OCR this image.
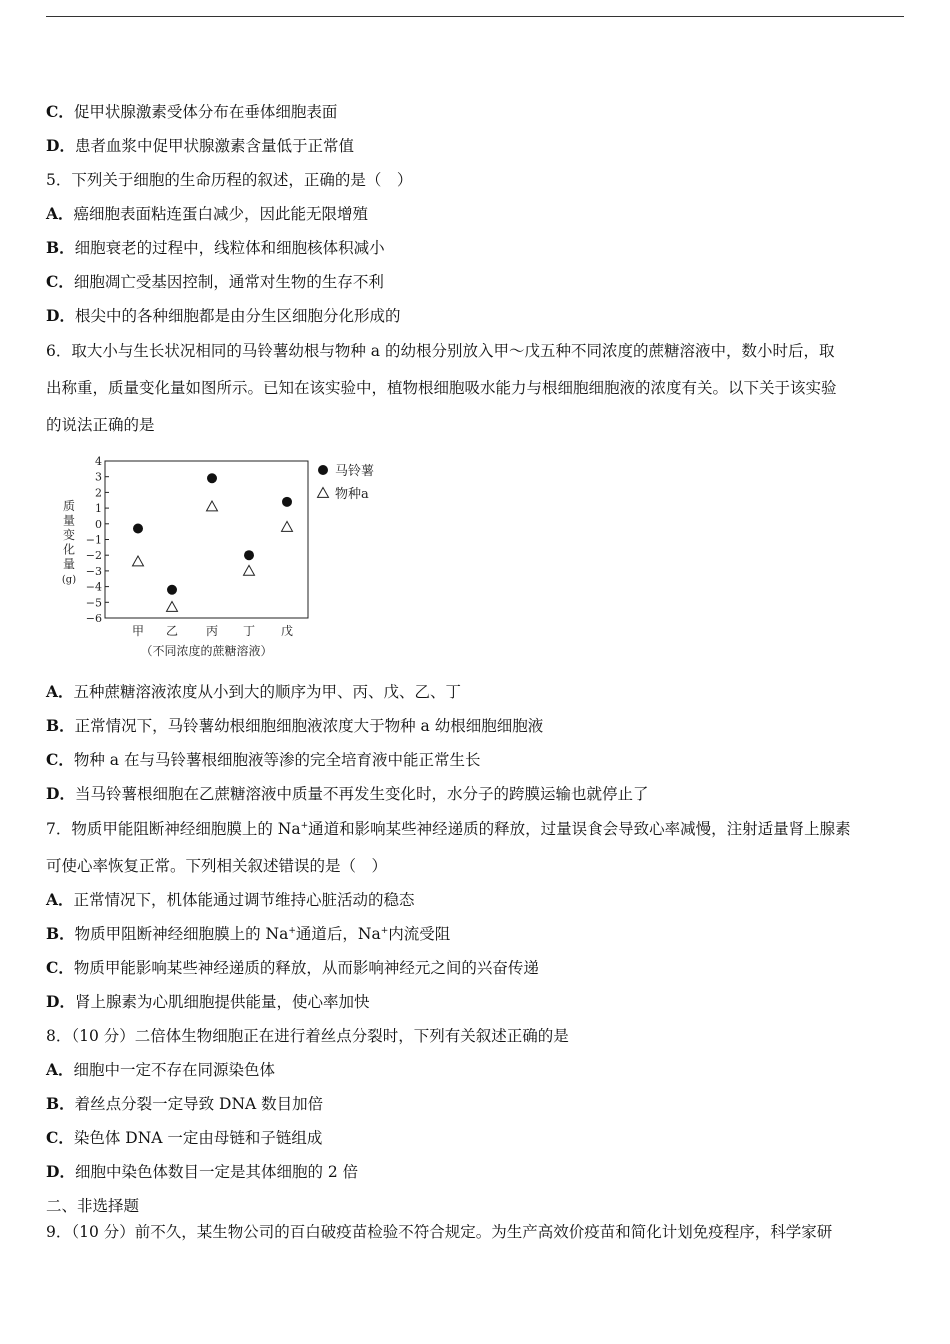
C．促甲状腺激素受体分布在垂体细胞表面
D．患者血浆中促甲状腺激素含量低于正常值
5．下列关于细胞的生命历程的叙述，正确的是（　）
A．癌细胞表面粘连蛋白减少，因此能无限增殖
B．细胞衰老的过程中，线粒体和细胞核体积减小
C．细胞凋亡受基因控制，通常对生物的生存不利
D．根尖中的各种细胞都是由分生区细胞分化形成的
6．取大小与生长状况相同的马铃薯幼根与物种 a 的幼根分别放入甲～戊五种不同浓度的蔗糖溶液中，数小时后，取
出称重，质量变化量如图所示。已知在该实验中，植物根细胞吸水能力与根细胞细胞液的浓度有关。以下关于该实验
的说法正确的是
质
量
变
化
量
(g)
4
3
2
1
0
−1
−2
−3
−4
−5
−6
甲 乙 丙 丁 戊
（不同浓度的蔗糖溶液）
马铃薯
物种a
A．五种蔗糖溶液浓度从小到大的顺序为甲、丙、戊、乙、丁
B．正常情况下，马铃薯幼根细胞细胞液浓度大于物种 a 幼根细胞细胞液
C．物种 a 在与马铃薯根细胞液等渗的完全培育液中能正常生长
D．当马铃薯根细胞在乙蔗糖溶液中质量不再发生变化时，水分子的跨膜运输也就停止了
7．物质甲能阻断神经细胞膜上的 Na+通道和影响某些神经递质的释放，过量误食会导致心率减慢，注射适量肾上腺素
可使心率恢复正常。下列相关叙述错误的是（　）
A．正常情况下，机体能通过调节维持心脏活动的稳态
B．物质甲阻断神经细胞膜上的 Na+通道后，Na+内流受阻
C．物质甲能影响某些神经递质的释放，从而影响神经元之间的兴奋传递
D．肾上腺素为心肌细胞提供能量，使心率加快
8．（10 分）二倍体生物细胞正在进行着丝点分裂时，下列有关叙述正确的是
A．细胞中一定不存在同源染色体
B．着丝点分裂一定导致 DNA 数目加倍
C．染色体 DNA 一定由母链和子链组成
D．细胞中染色体数目一定是其体细胞的 2 倍
二、非选择题
9．（10 分）前不久，某生物公司的百白破疫苗检验不符合规定。为生产高效价疫苗和简化计划免疫程序，科学家研
